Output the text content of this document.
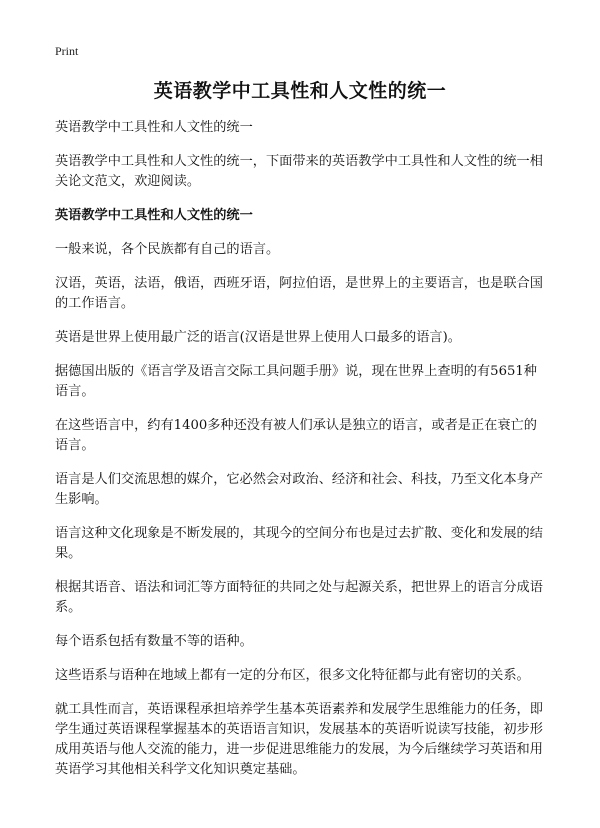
Print
英语教学中工具性和人文性的统一

英语教学中工具性和人文性的统一

英语教学中工具性和人文性的统一，下面带来的英语教学中工具性和人文性的统一相关论文范文，欢迎阅读。

英语教学中工具性和人文性的统一

一般来说，各个民族都有自己的语言。

汉语，英语，法语，俄语，西班牙语，阿拉伯语，是世界上的主要语言，也是联合国的工作语言。

英语是世界上使用最广泛的语言(汉语是世界上使用人口最多的语言)。

据德国出版的《语言学及语言交际工具问题手册》说，现在世界上查明的有5651种语言。

在这些语言中，约有1400多种还没有被人们承认是独立的语言，或者是正在衰亡的语言。

语言是人们交流思想的媒介，它必然会对政治、经济和社会、科技，乃至文化本身产生影响。

语言这种文化现象是不断发展的，其现今的空间分布也是过去扩散、变化和发展的结果。

根据其语音、语法和词汇等方面特征的共同之处与起源关系，把世界上的语言分成语系。

每个语系包括有数量不等的语种。

这些语系与语种在地域上都有一定的分布区，很多文化特征都与此有密切的关系。

就工具性而言，英语课程承担培养学生基本英语素养和发展学生思维能力的任务，即学生通过英语课程掌握基本的英语语言知识，发展基本的英语听说读写技能，初步形成用英语与他人交流的能力，进一步促进思维能力的发展，为今后继续学习英语和用英语学习其他相关科学文化知识奠定基础。
